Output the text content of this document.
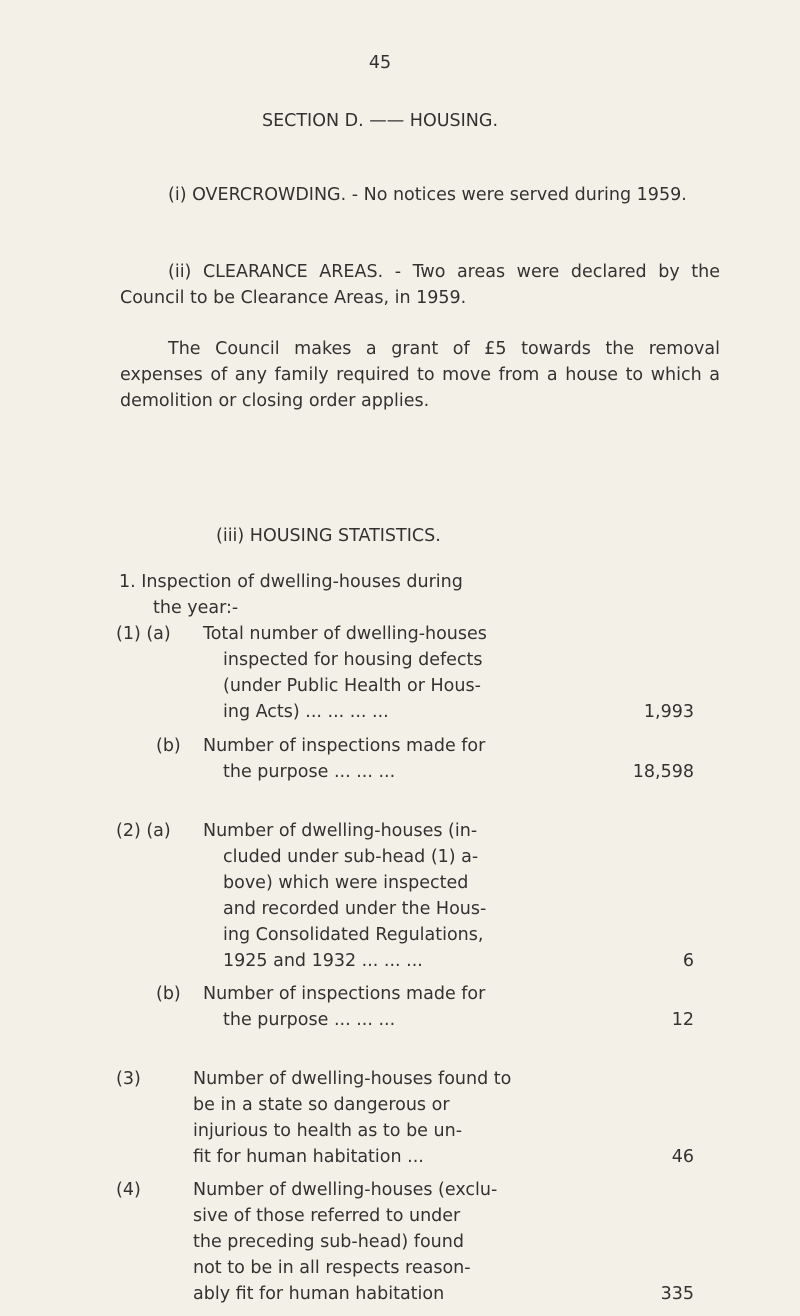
45
SECTION D. —— HOUSING.
(i) OVERCROWDING. - No notices were served during 1959.
(ii) CLEARANCE AREAS. - Two areas were declared by the Council to be Clearance Areas, in 1959.
The Council makes a grant of £5 towards the removal expenses of any family required to move from a house to which a demolition or closing order applies.
(iii) HOUSING STATISTICS.
1. Inspection of dwelling-houses during
the year:-
(1) (a) Total number of dwelling-houses
inspected for housing defects
(under Public Health or Hous-
ing Acts) ... ... ... ...	1,993
(b) Number of inspections made for
the purpose ... ... ...	18,598
(2) (a) Number of dwelling-houses (in-
cluded under sub-head (1) a-
bove) which were inspected
and recorded under the Hous-
ing Consolidated Regulations,
1925 and 1932 ... ... ...	6
(b) Number of inspections made for
the purpose ... ... ...	12
(3)	Number of dwelling-houses found to
be in a state so dangerous or
injurious to health as to be un-
fit for human habitation ...	46
(4)	Number of dwelling-houses (exclu-
sive of those referred to under
the preceding sub-head) found
not to be in all respects reason-
ably fit for human habitation	335
